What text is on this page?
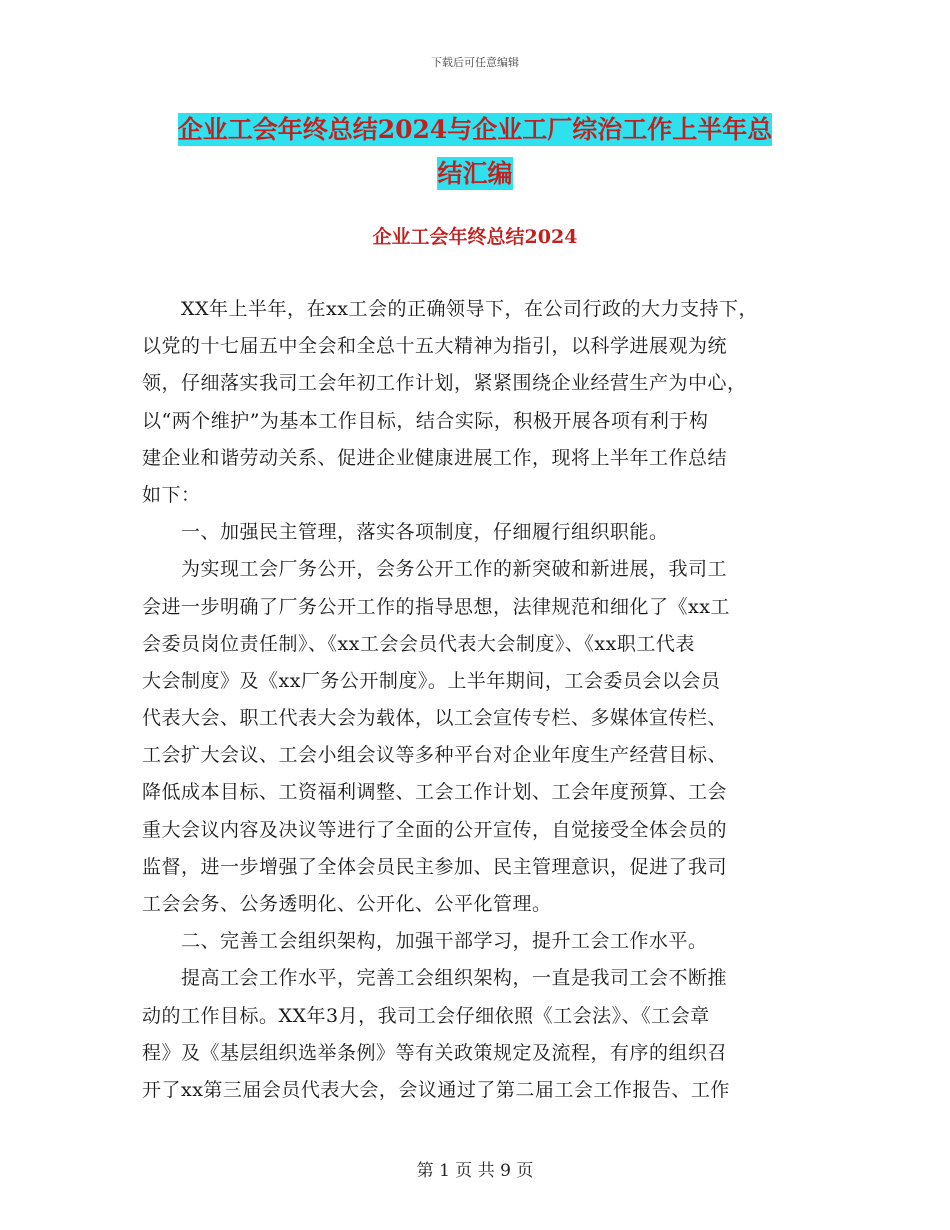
下载后可任意编辑
企业工会年终总结2024与企业工厂综治工作上半年总
结汇编
企业工会年终总结2024
　　XX年上半年，在xx工会的正确领导下，在公司行政的大力支持下，
以党的十七届五中全会和全总十五大精神为指引，以科学进展观为统
领，仔细落实我司工会年初工作计划，紧紧围绕企业经营生产为中心，
以“两个维护”为基本工作目标，结合实际，积极开展各项有利于构
建企业和谐劳动关系、促进企业健康进展工作，现将上半年工作总结
如下：
　　一、加强民主管理，落实各项制度，仔细履行组织职能。
　　为实现工会厂务公开，会务公开工作的新突破和新进展，我司工
会进一步明确了厂务公开工作的指导思想，法律规范和细化了《xx工
会委员岗位责任制》、《xx工会会员代表大会制度》、《xx职工代表
大会制度》及《xx厂务公开制度》。上半年期间，工会委员会以会员
代表大会、职工代表大会为载体，以工会宣传专栏、多媒体宣传栏、
工会扩大会议、工会小组会议等多种平台对企业年度生产经营目标、
降低成本目标、工资福利调整、工会工作计划、工会年度预算、工会
重大会议内容及决议等进行了全面的公开宣传，自觉接受全体会员的
监督，进一步增强了全体会员民主参加、民主管理意识，促进了我司
工会会务、公务透明化、公开化、公平化管理。
　　二、完善工会组织架构，加强干部学习，提升工会工作水平。
　　提高工会工作水平，完善工会组织架构，一直是我司工会不断推
动的工作目标。XX年3月，我司工会仔细依照《工会法》、《工会章
程》及《基层组织选举条例》等有关政策规定及流程，有序的组织召
开了xx第三届会员代表大会，会议通过了第二届工会工作报告、工作
第 1 页 共 9 页
